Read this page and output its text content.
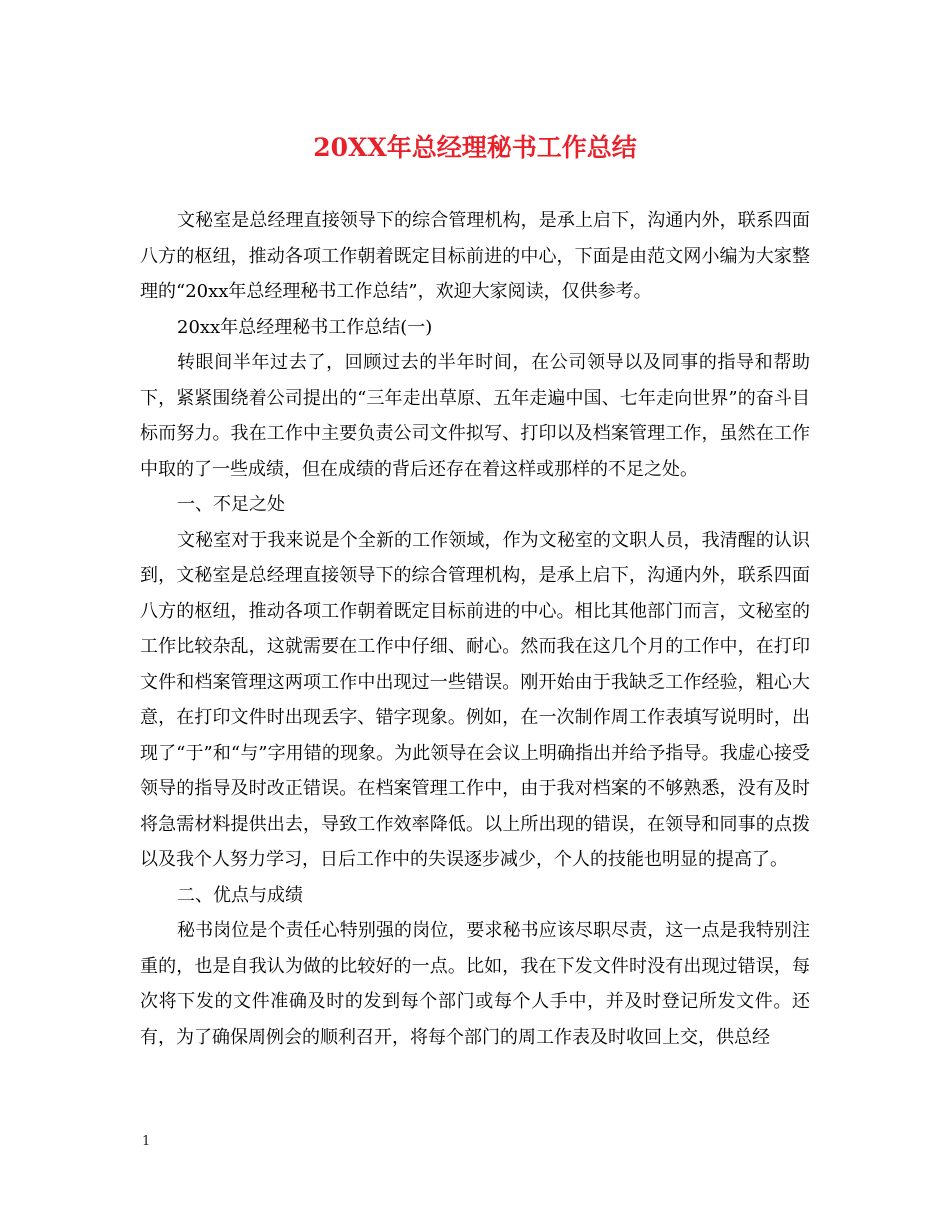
20XX年总经理秘书工作总结

文秘室是总经理直接领导下的综合管理机构，是承上启下，沟通内外，联系四面八方的枢纽，推动各项工作朝着既定目标前进的中心，下面是由范文网小编为大家整理的“20xx年总经理秘书工作总结”，欢迎大家阅读，仅供参考。

20xx年总经理秘书工作总结(一)

转眼间半年过去了，回顾过去的半年时间，在公司领导以及同事的指导和帮助下，紧紧围绕着公司提出的“三年走出草原、五年走遍中国、七年走向世界”的奋斗目标而努力。我在工作中主要负责公司文件拟写、打印以及档案管理工作，虽然在工作中取的了一些成绩，但在成绩的背后还存在着这样或那样的不足之处。

一、不足之处

文秘室对于我来说是个全新的工作领域，作为文秘室的文职人员，我清醒的认识到，文秘室是总经理直接领导下的综合管理机构，是承上启下，沟通内外，联系四面八方的枢纽，推动各项工作朝着既定目标前进的中心。相比其他部门而言，文秘室的工作比较杂乱，这就需要在工作中仔细、耐心。然而我在这几个月的工作中，在打印文件和档案管理这两项工作中出现过一些错误。刚开始由于我缺乏工作经验，粗心大意，在打印文件时出现丢字、错字现象。例如，在一次制作周工作表填写说明时，出现了“于”和“与”字用错的现象。为此领导在会议上明确指出并给予指导。我虚心接受领导的指导及时改正错误。在档案管理工作中，由于我对档案的不够熟悉，没有及时将急需材料提供出去，导致工作效率降低。以上所出现的错误，在领导和同事的点拨以及我个人努力学习，日后工作中的失误逐步减少，个人的技能也明显的提高了。

二、优点与成绩

秘书岗位是个责任心特别强的岗位，要求秘书应该尽职尽责，这一点是我特别注重的，也是自我认为做的比较好的一点。比如，我在下发文件时没有出现过错误，每次将下发的文件准确及时的发到每个部门或每个人手中，并及时登记所发文件。还有，为了确保周例会的顺利召开，将每个部门的周工作表及时收回上交，供总经

1
